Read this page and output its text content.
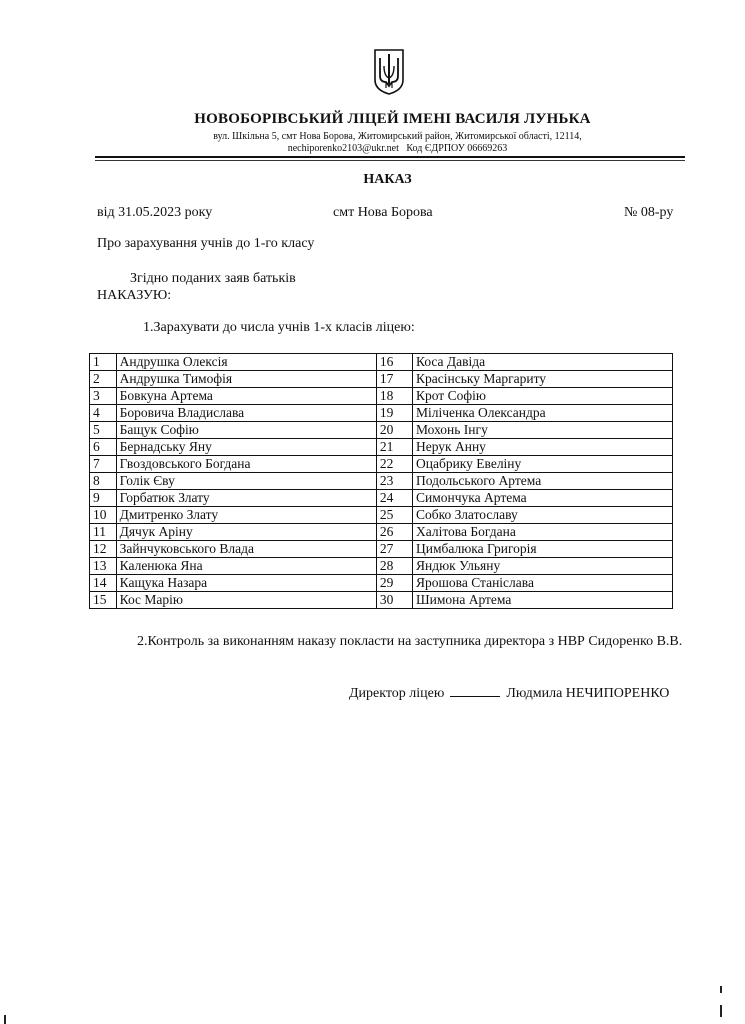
НОВОБОРІВСЬКИЙ ЛІЦЕЙ ІМЕНІ ВАСИЛЯ ЛУНЬКА
вул. Шкільна 5, смт Нова Борова, Житомирський район, Житомирської області, 12114,
nechiporenko2103@ukr.net Код ЄДРПОУ 06669263
НАКАЗ
від 31.05.2023 року	смт Нова Борова	№ 08-ру
Про зарахування учнів до 1-го класу
Згідно поданих заяв батьків
НАКАЗУЮ:
1.Зарахувати до числа учнів 1-х класів ліцею:
1	Андрушка Олексія	16	Коса Давіда
2	Андрушка Тимофія	17	Красінську Маргариту
3	Бовкуна Артема	18	Крот Софію
4	Боровича Владислава	19	Міліченка Олександра
5	Бащук Софію	20	Мохонь Інгу
6	Бернадську Яну	21	Нерук Анну
7	Гвоздовського Богдана	22	Оцабрику Евеліну
8	Голік Єву	23	Подольського Артема
9	Горбатюк Злату	24	Симончука Артема
10	Дмитренко Злату	25	Собко Златославу
11	Дячук Аріну	26	Халітова Богдана
12	Зайнчуковського Влада	27	Цимбалюка Григорія
13	Каленюка Яна	28	Яндюк Ульяну
14	Кащука Назара	29	Ярошова Станіслава
15	Кос Марію	30	Шимона Артема
2.Контроль за виконанням наказу покласти на заступника директора з НВР Сидоренко В.В.
Директор ліцею	Людмила НЕЧИПОРЕНКО
